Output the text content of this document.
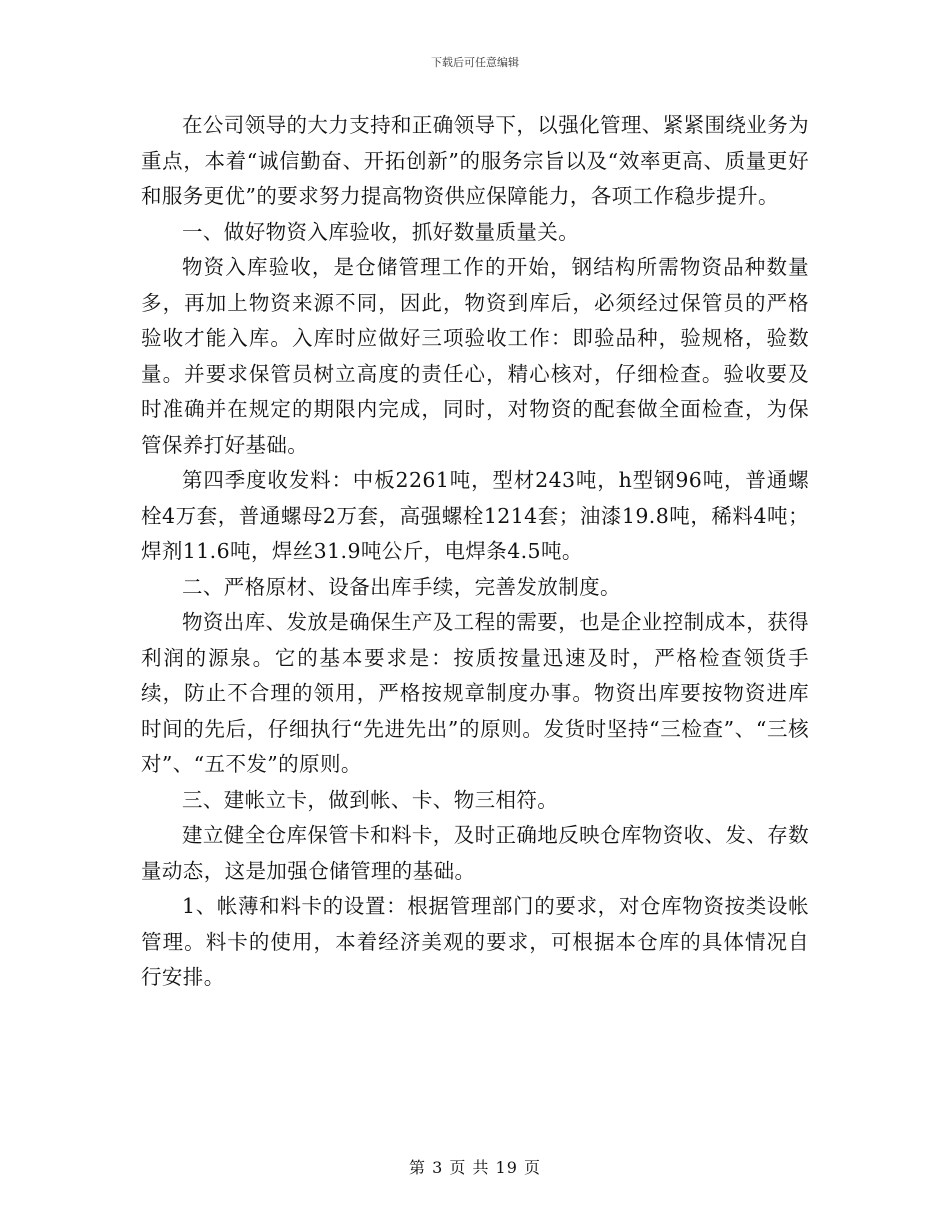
下载后可任意编辑

在公司领导的大力支持和正确领导下，以强化管理、紧紧围绕业务为重点，本着“诚信勤奋、开拓创新”的服务宗旨以及“效率更高、质量更好和服务更优”的要求努力提高物资供应保障能力，各项工作稳步提升。

一、做好物资入库验收，抓好数量质量关。

物资入库验收，是仓储管理工作的开始，钢结构所需物资品种数量多，再加上物资来源不同，因此，物资到库后，必须经过保管员的严格验收才能入库。入库时应做好三项验收工作：即验品种，验规格，验数量。并要求保管员树立高度的责任心，精心核对，仔细检查。验收要及时准确并在规定的期限内完成，同时，对物资的配套做全面检查，为保管保养打好基础。

第四季度收发料：中板2261吨，型材243吨，h型钢96吨，普通螺栓4万套，普通螺母2万套，高强螺栓1214套；油漆19.8吨，稀料4吨；焊剂11.6吨，焊丝31.9吨公斤，电焊条4.5吨。

二、严格原材、设备出库手续，完善发放制度。

物资出库、发放是确保生产及工程的需要，也是企业控制成本，获得利润的源泉。它的基本要求是：按质按量迅速及时，严格检查领货手续，防止不合理的领用，严格按规章制度办事。物资出库要按物资进库时间的先后，仔细执行“先进先出”的原则。发货时坚持“三检查”、“三核对”、“五不发”的原则。

三、建帐立卡，做到帐、卡、物三相符。

建立健全仓库保管卡和料卡，及时正确地反映仓库物资收、发、存数量动态，这是加强仓储管理的基础。

1、帐薄和料卡的设置：根据管理部门的要求，对仓库物资按类设帐管理。料卡的使用，本着经济美观的要求，可根据本仓库的具体情况自行安排。

第 3 页 共 19 页
